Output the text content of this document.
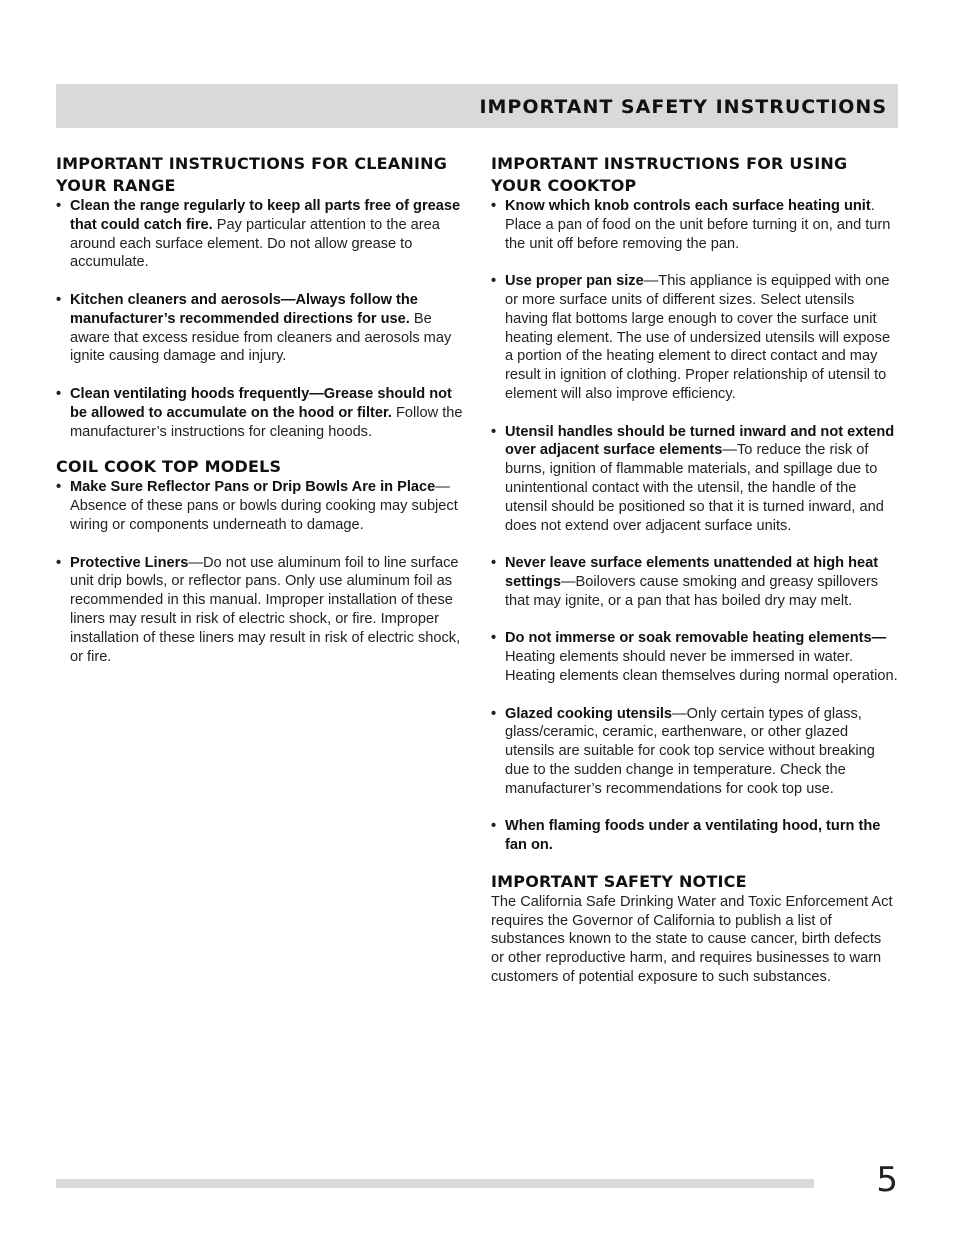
IMPORTANT SAFETY INSTRUCTIONS
IMPORTANT INSTRUCTIONS FOR CLEANING YOUR RANGE

• Clean the range regularly to keep all parts free of grease that could catch fire. Pay particular attention to the area around each surface element. Do not allow grease to accumulate.

• Kitchen cleaners and aerosols—Always follow the manufacturer’s recommended directions for use. Be aware that excess residue from cleaners and aerosols may ignite causing damage and injury.

• Clean ventilating hoods frequently—Grease should not be allowed to accumulate on the hood or filter. Follow the manufacturer’s instructions for cleaning hoods.

COIL COOK TOP MODELS

• Make Sure Reflector Pans or Drip Bowls Are in Place—Absence of these pans or bowls during cooking may subject wiring or components underneath to damage.

• Protective Liners—Do not use aluminum foil to line surface unit drip bowls, or reflector pans. Only use aluminum foil as recommended in this manual. Improper installation of these liners may result in risk of electric shock, or fire. Improper installation of these liners may result in risk of electric shock, or fire.

IMPORTANT INSTRUCTIONS FOR USING YOUR COOKTOP

• Know which knob controls each surface heating unit. Place a pan of food on the unit before turning it on, and turn the unit off before removing the pan.

• Use proper pan size—This appliance is equipped with one or more surface units of different sizes. Select utensils having flat bottoms large enough to cover the surface unit heating element. The use of undersized utensils will expose a portion of the heating element to direct contact and may result in ignition of clothing. Proper relationship of utensil to element will also improve efficiency.

• Utensil handles should be turned inward and not extend over adjacent surface elements—To reduce the risk of burns, ignition of flammable materials, and spillage due to unintentional contact with the utensil, the handle of the utensil should be positioned so that it is turned inward, and does not extend over adjacent surface units.

• Never leave surface elements unattended at high heat settings—Boilovers cause smoking and greasy spillovers that may ignite, or a pan that has boiled dry may melt.

• Do not immerse or soak removable heating elements—Heating elements should never be immersed in water. Heating elements clean themselves during normal operation.

• Glazed cooking utensils—Only certain types of glass, glass/ceramic, ceramic, earthenware, or other glazed utensils are suitable for cook top service without breaking due to the sudden change in temperature. Check the manufacturer’s recommendations for cook top use.

• When flaming foods under a ventilating hood, turn the fan on.

IMPORTANT SAFETY NOTICE

The California Safe Drinking Water and Toxic Enforcement Act requires the Governor of California to publish a list of substances known to the state to cause cancer, birth defects or other reproductive harm, and requires businesses to warn customers of potential exposure to such substances.

5
